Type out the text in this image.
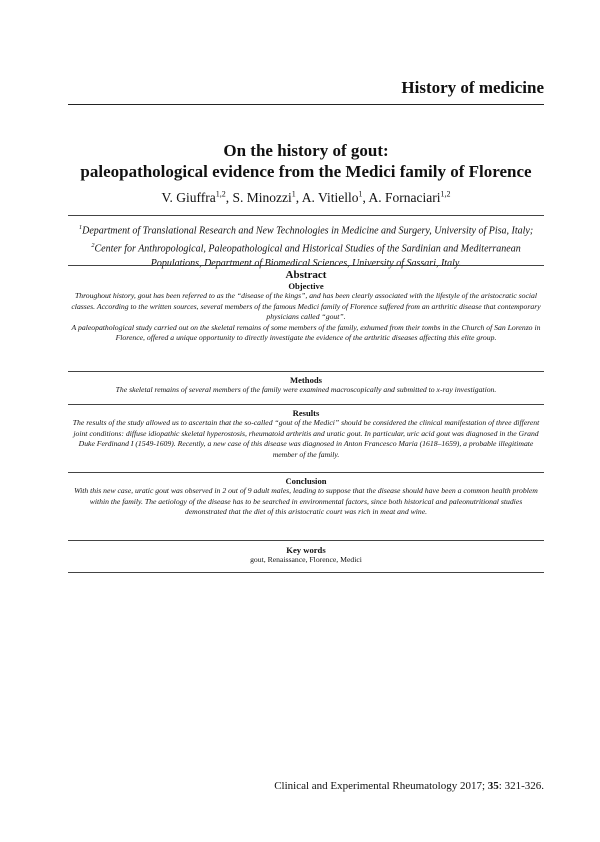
History of medicine
On the history of gout:
paleopathological evidence from the Medici family of Florence
V. Giuffra$^{1,2}$, S. Minozzi$^1$, A. Vitiello$^1$, A. Fornaciari$^{1,2}$
$^1$Department of Translational Research and New Technologies in Medicine and Surgery, University of Pisa, Italy; $^2$Center for Anthropological, Paleopathological and Historical Studies of the Sardinian and Mediterranean Populations, Department of Biomedical Sciences, University of Sassari, Italy.
Abstract
Objective
Throughout history, gout has been referred to as the “disease of the kings”, and has been clearly associated with the lifestyle of the aristocratic social classes. According to the written sources, several members of the famous Medici family of Florence suffered from an arthritic disease that contemporary physicians called “gout”.
A paleopathological study carried out on the skeletal remains of some members of the family, exhumed from their tombs in the Church of San Lorenzo in Florence, offered a unique opportunity to directly investigate the evidence of the arthritic diseases affecting this elite group.
Methods
The skeletal remains of several members of the family were examined macroscopically and submitted to x-ray investigation.
Results
The results of the study allowed us to ascertain that the so-called “gout of the Medici” should be considered the clinical manifestation of three different joint conditions: diffuse idiopathic skeletal hyperostosis, rheumatoid arthritis and uratic gout. In particular, uric acid gout was diagnosed in the Grand Duke Ferdinand I (1549-1609). Recently, a new case of this disease was diagnosed in Anton Francesco Maria (1618–1659), a probable illegitimate member of the family.
Conclusion
With this new case, uratic gout was observed in 2 out of 9 adult males, leading to suppose that the disease should have been a common health problem within the family. The aetiology of the disease has to be searched in environmental factors, since both historical and paleonutritional studies demonstrated that the diet of this aristocratic court was rich in meat and wine.
Key words
gout, Renaissance, Florence, Medici
Clinical and Experimental Rheumatology 2017; 35: 321-326.
